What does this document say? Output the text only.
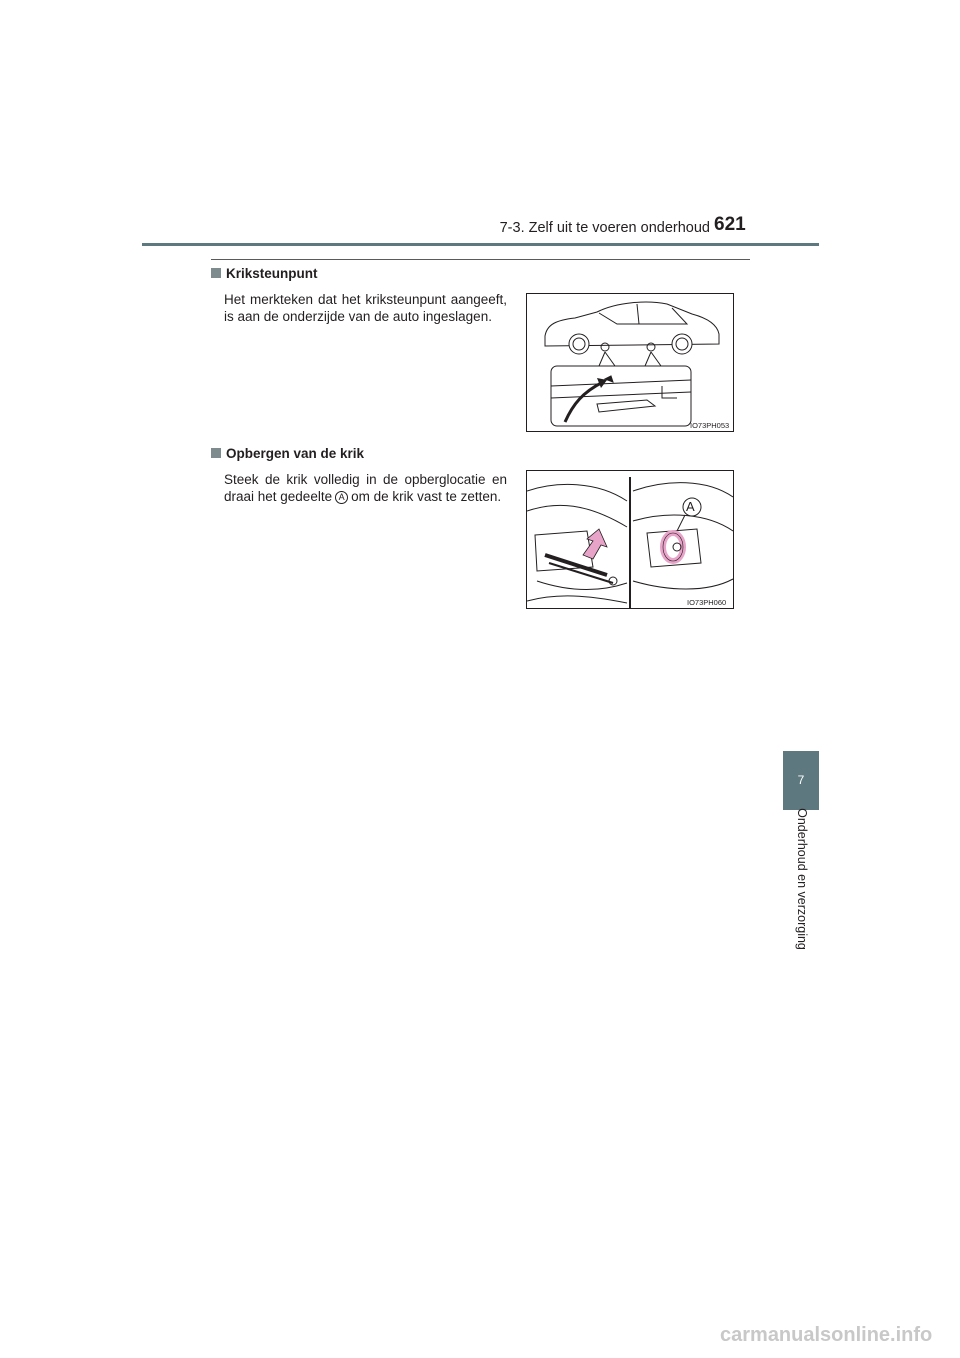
7-3. Zelf uit te voeren onderhoud 621
Kriksteunpunt
Het merkteken dat het kriksteunpunt aangeeft,
is aan de onderzijde van de auto ingeslagen.
IO73PH053
Opbergen van de krik
Steek de krik volledig in de opberglocatie en
draai het gedeelte A om de krik vast te zetten.
A
IO73PH060
7
Onderhoud en verzorging
carmanualsonline.info
